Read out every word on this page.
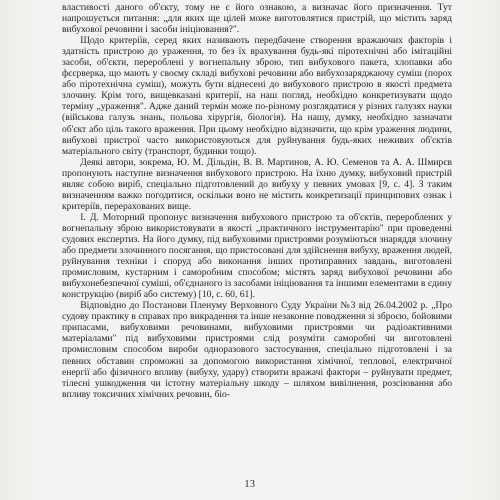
властивості даного об'єкту, тому не є його ознакою, а визначає його призначення. Тут напрошується питання: „для яких ще цілей може виготовлятися пристрій, що містить заряд вибухової речовини і засоби ініціювання?".

Щодо критеріїв, серед яких називають передбачене створення вражаючих факторів і здатність пристрою до ураження, то без їх врахування будь-які піротехнічні або імітаційні засоби, об'єкти, перероблені у вогнепальну зброю, тип вибухового пакета, хлопавки або фєєрверка, що мають у своєму складі вибухові речовини або вибухозаряджаючу суміш (порох або піротехнічна суміш), можуть бути віднесені до вибухового пристрою в якості предмета злочину. Крім того, вищевказані критерії, на наш погляд, необхідно конкретизувати щодо терміну „ураження". Адже даний термін може по-різному розглядатися у різних галузях науки (військова галузь знань, польова хірургія, біологія). На нашу, думку, необхідно зазначати об'єкт або ціль такого враження. При цьому необхідно відзначити, що крім ураження людини, вибухові пристрої часто використовуються для руйнування будь-яких неживих об'єктів матеріального світу (транспорт, будинки тощо).

Деякі автори, зокрема, Ю. М. Дільдін, В. В. Мартинов, А. Ю. Семенов та А. А. Шмирєв пропонують наступне визначення вибухового пристрою. На їхню думку, вибуховий пристрій являє собою виріб, спеціально підготовлений до вибуху у певних умовах [9, с. 4]. З таким визначенням важко погодитися, оскільки воно не містить конкретизації принципових ознак і критеріїв, перерахованих вище.

І. Д. Моторний пропонує визначення вибухового пристрою та об'єктів, перероблених у вогнепальну зброю використовувати в якості „практичного інструментарію" при проведенні судових експертиз. На його думку, під вибуховими пристроями розуміються знаряддя злочину або предмети злочинного посягання, що пристосовані для здійснення вибуху, враження людей, руйнування техніки і споруд або виконання інших протиправних завдань, виготовлені промисловим, кустарним і саморобним способом; містять заряд вибухової речовини або вибухонебезпечної суміші, об'єднаного із засобами ініціювання та іншими елементами в єдину конструкцію (виріб або систему) [10, с. 60, 61].

Відповідно до Постанови Пленуму Верховного Суду України №3 від 26.04.2002 р. „Про судову практику в справах про викрадення та інше незаконне поводження зі зброєю, бойовими припасами, вибуховими речовинами, вибуховими пристроями чи радіоактивними матеріалами" під вибуховими пристроями слід розуміти саморобні чи виготовлені промисловим способом вироби одноразового застосування, спеціально підготовлені і за певних обставин спроможні за допомогою використання хімічної, теплової, електричної енергії або фізичного впливу (вибуху, удару) створити вражачі фактори – руйнувати предмет, тілесні ушкодження чи істотну матеріальну шкоду – шляхом вивілнення, розсіювання або впливу токсичних хімічних речовин, біо-

13
